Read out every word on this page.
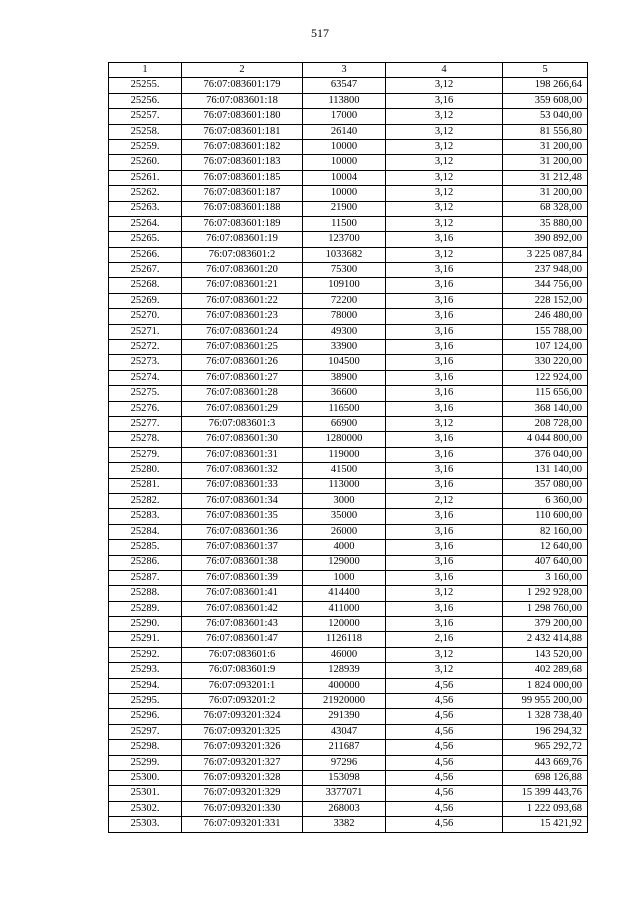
517
1	2	3	4	5
25255.	76:07:083601:179	63547	3,12	198 266,64
25256.	76:07:083601:18	113800	3,16	359 608,00
25257.	76:07:083601:180	17000	3,12	53 040,00
25258.	76:07:083601:181	26140	3,12	81 556,80
25259.	76:07:083601:182	10000	3,12	31 200,00
25260.	76:07:083601:183	10000	3,12	31 200,00
25261.	76:07:083601:185	10004	3,12	31 212,48
25262.	76:07:083601:187	10000	3,12	31 200,00
25263.	76:07:083601:188	21900	3,12	68 328,00
25264.	76:07:083601:189	11500	3,12	35 880,00
25265.	76:07:083601:19	123700	3,16	390 892,00
25266.	76:07:083601:2	1033682	3,12	3 225 087,84
25267.	76:07:083601:20	75300	3,16	237 948,00
25268.	76:07:083601:21	109100	3,16	344 756,00
25269.	76:07:083601:22	72200	3,16	228 152,00
25270.	76:07:083601:23	78000	3,16	246 480,00
25271.	76:07:083601:24	49300	3,16	155 788,00
25272.	76:07:083601:25	33900	3,16	107 124,00
25273.	76:07:083601:26	104500	3,16	330 220,00
25274.	76:07:083601:27	38900	3,16	122 924,00
25275.	76:07:083601:28	36600	3,16	115 656,00
25276.	76:07:083601:29	116500	3,16	368 140,00
25277.	76:07:083601:3	66900	3,12	208 728,00
25278.	76:07:083601:30	1280000	3,16	4 044 800,00
25279.	76:07:083601:31	119000	3,16	376 040,00
25280.	76:07:083601:32	41500	3,16	131 140,00
25281.	76:07:083601:33	113000	3,16	357 080,00
25282.	76:07:083601:34	3000	2,12	6 360,00
25283.	76:07:083601:35	35000	3,16	110 600,00
25284.	76:07:083601:36	26000	3,16	82 160,00
25285.	76:07:083601:37	4000	3,16	12 640,00
25286.	76:07:083601:38	129000	3,16	407 640,00
25287.	76:07:083601:39	1000	3,16	3 160,00
25288.	76:07:083601:41	414400	3,12	1 292 928,00
25289.	76:07:083601:42	411000	3,16	1 298 760,00
25290.	76:07:083601:43	120000	3,16	379 200,00
25291.	76:07:083601:47	1126118	2,16	2 432 414,88
25292.	76:07:083601:6	46000	3,12	143 520,00
25293.	76:07:083601:9	128939	3,12	402 289,68
25294.	76:07:093201:1	400000	4,56	1 824 000,00
25295.	76:07:093201:2	21920000	4,56	99 955 200,00
25296.	76:07:093201:324	291390	4,56	1 328 738,40
25297.	76:07:093201:325	43047	4,56	196 294,32
25298.	76:07:093201:326	211687	4,56	965 292,72
25299.	76:07:093201:327	97296	4,56	443 669,76
25300.	76:07:093201:328	153098	4,56	698 126,88
25301.	76:07:093201:329	3377071	4,56	15 399 443,76
25302.	76:07:093201:330	268003	4,56	1 222 093,68
25303.	76:07:093201:331	3382	4,56	15 421,92
